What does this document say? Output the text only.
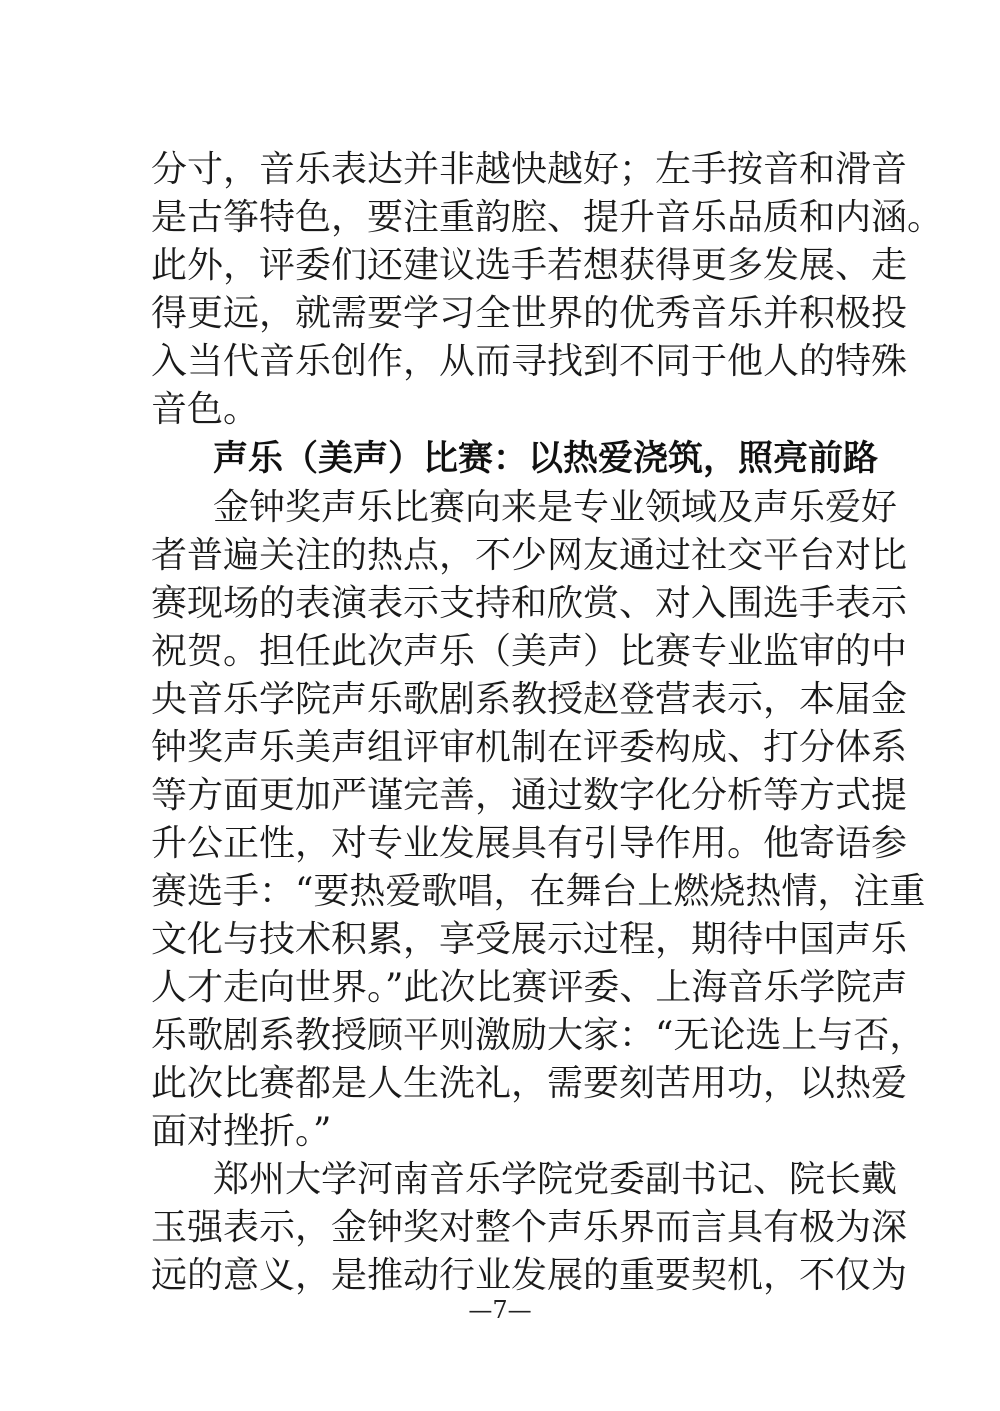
分寸，音乐表达并非越快越好；左手按音和滑音
是古筝特色，要注重韵腔、提升音乐品质和内涵。
此外，评委们还建议选手若想获得更多发展、走
得更远，就需要学习全世界的优秀音乐并积极投
入当代音乐创作，从而寻找到不同于他人的特殊
音色。
声乐（美声）比赛：以热爱浇筑，照亮前路
金钟奖声乐比赛向来是专业领域及声乐爱好
者普遍关注的热点，不少网友通过社交平台对比
赛现场的表演表示支持和欣赏、对入围选手表示
祝贺。担任此次声乐（美声）比赛专业监审的中
央音乐学院声乐歌剧系教授赵登营表示，本届金
钟奖声乐美声组评审机制在评委构成、打分体系
等方面更加严谨完善，通过数字化分析等方式提
升公正性，对专业发展具有引导作用。他寄语参
赛选手：“要热爱歌唱，在舞台上燃烧热情，注重
文化与技术积累，享受展示过程，期待中国声乐
人才走向世界。”此次比赛评委、上海音乐学院声
乐歌剧系教授顾平则激励大家：“无论选上与否，
此次比赛都是人生洗礼，需要刻苦用功，以热爱
面对挫折。”
郑州大学河南音乐学院党委副书记、院长戴
玉强表示，金钟奖对整个声乐界而言具有极为深
远的意义，是推动行业发展的重要契机，不仅为
—7—
